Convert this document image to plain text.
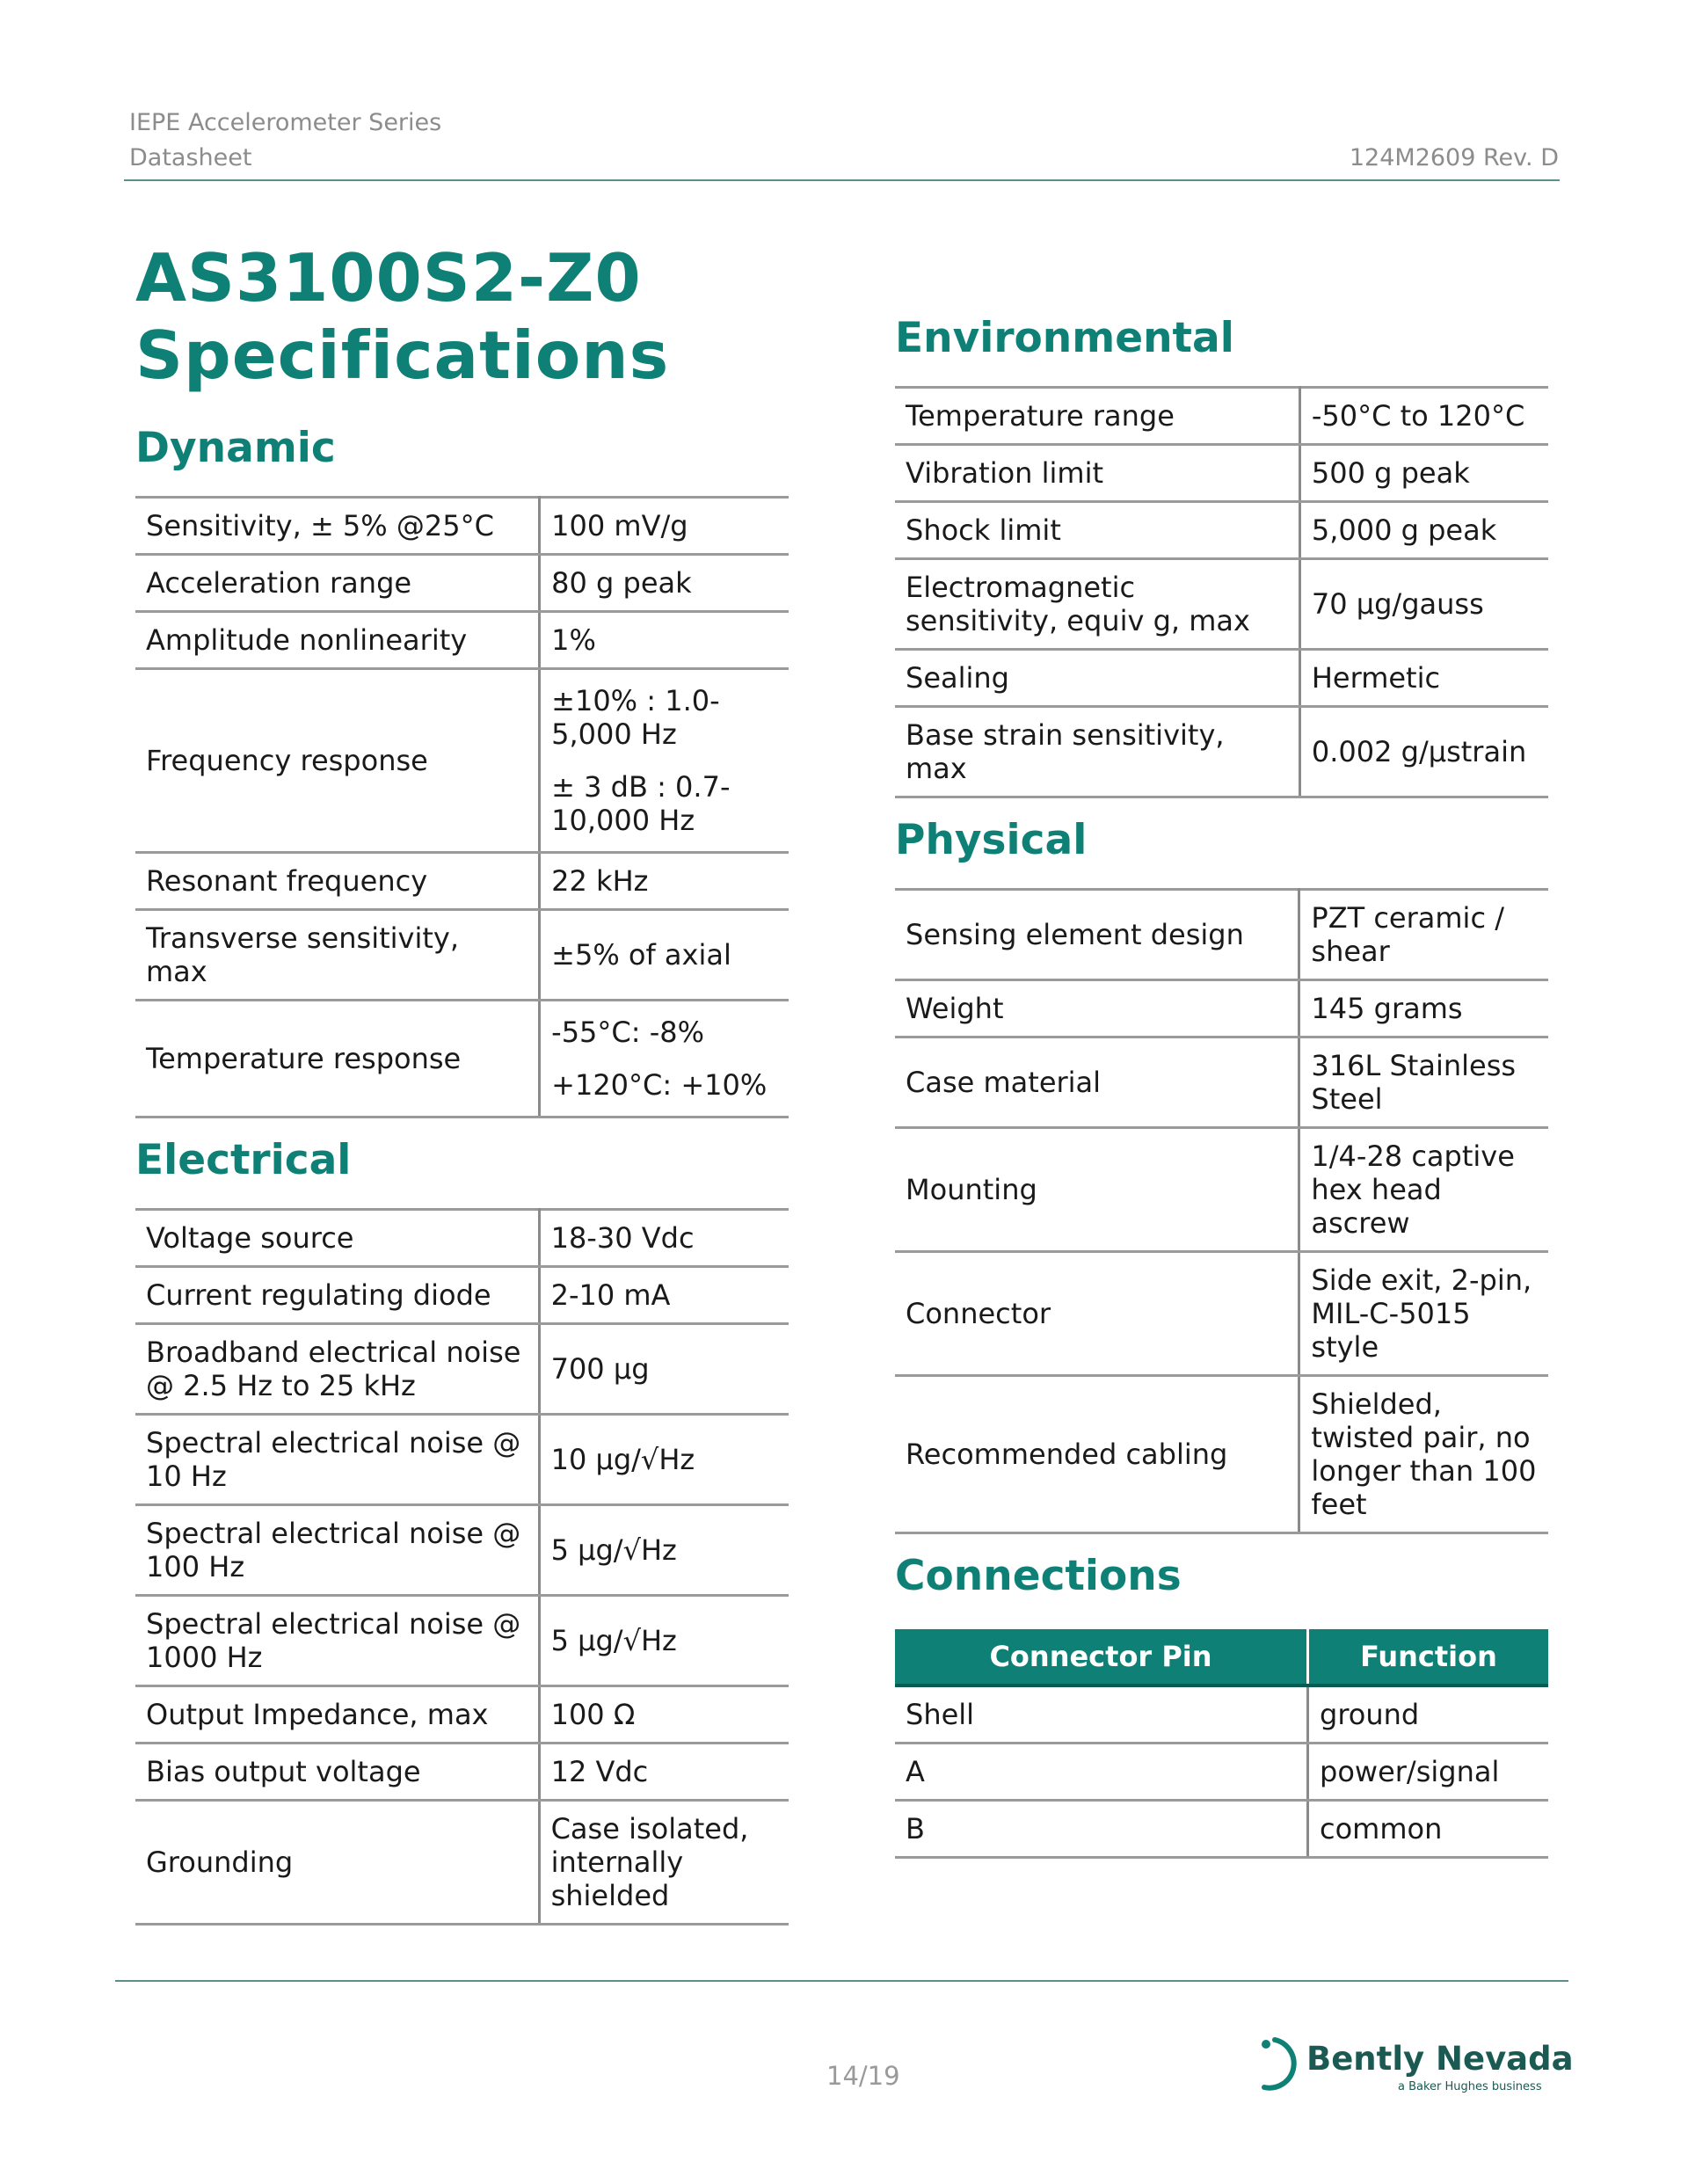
IEPE Accelerometer Series
Datasheet	124M2609 Rev. D
AS3100S2-Z0
Specifications
Dynamic
Sensitivity, ± 5% @25°C	100 mV/g
Acceleration range	80 g peak
Amplitude nonlinearity	1%
Frequency response	±10% : 1.0-5,000 Hz

± 3 dB : 0.7-10,000 Hz

Resonant frequency	22 kHz
Transverse sensitivity, max	±5% of axial
Temperature response	-55°C: -8%

+120°C: +10%

Electrical
Voltage source	18-30 Vdc
Current regulating diode	2-10 mA
Broadband electrical noise @ 2.5 Hz to 25 kHz	700 µg
Spectral electrical noise @ 10 Hz	10 µg/√Hz
Spectral electrical noise @ 100 Hz	5 µg/√Hz
Spectral electrical noise @ 1000 Hz	5 µg/√Hz
Output Impedance, max	100 Ω
Bias output voltage	12 Vdc
Grounding	Case isolated, internally shielded
Environmental
Temperature range	-50°C to 120°C
Vibration limit	500 g peak
Shock limit	5,000 g peak
Electromagnetic sensitivity, equiv g, max	70 µg/gauss
Sealing	Hermetic
Base strain sensitivity, max	0.002 g/µstrain
Physical
Sensing element design	PZT ceramic / shear
Weight	145 grams
Case material	316L Stainless Steel
Mounting	1/4-28 captive hex head ascrew
Connector	Side exit, 2-pin, MIL-C-5015 style
Recommended cabling	Shielded, twisted pair, no longer than 100 feet
Connections
Connector Pin	Function
Shell	ground
A	power/signal
B	common
14/19	Bently Nevada
a Baker Hughes business
